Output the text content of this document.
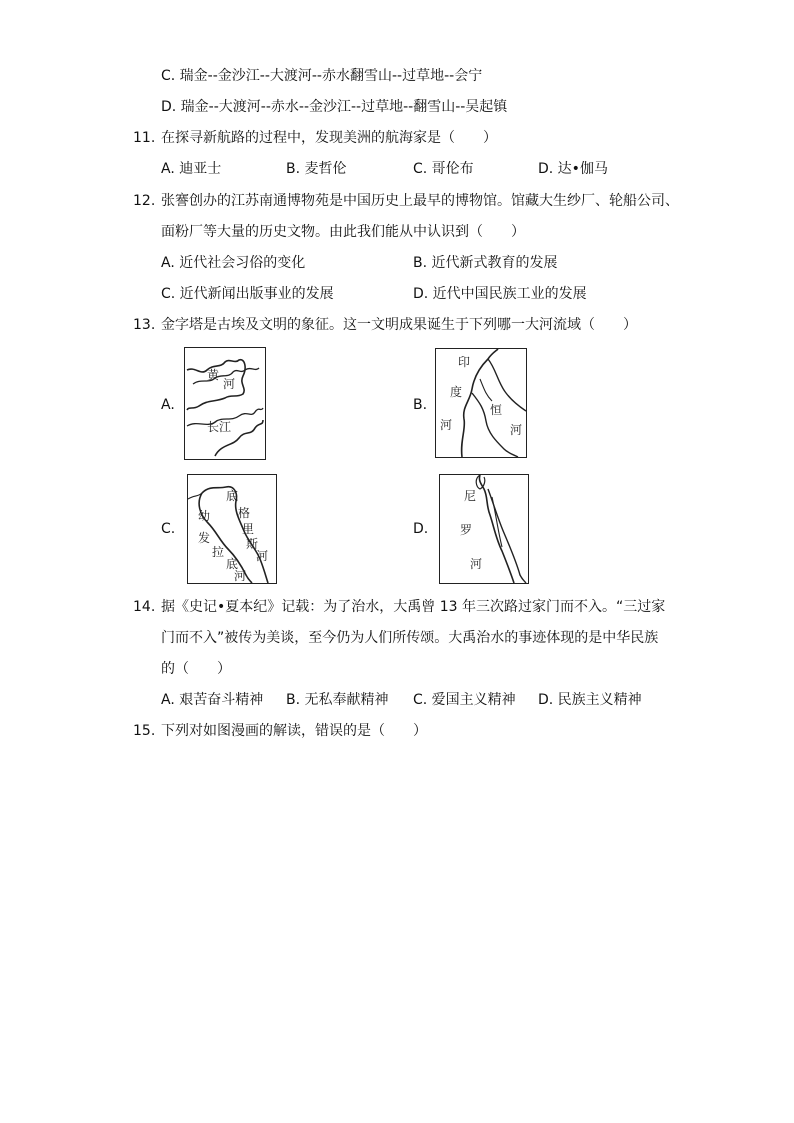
C. 瑞金--金沙江--大渡河--赤水翻雪山--过草地--会宁
D. 瑞金--大渡河--赤水--金沙江--过草地--翻雪山--吴起镇
11. 在探寻新航路的过程中，发现美洲的航海家是（　　）
A. 迪亚士	B. 麦哲伦	C. 哥伦布	D. 达•伽马
12. 张謇创办的江苏南通博物苑是中国历史上最早的博物馆。馆藏大生纱厂、轮船公司、
面粉厂等大量的历史文物。由此我们能从中认识到（　　）
A. 近代社会习俗的变化	B. 近代新式教育的发展
C. 近代新闻出版事业的发展	D. 近代中国民族工业的发展
13. 金字塔是古埃及文明的象征。这一文明成果诞生于下列哪一大河流域（　　）
A.
黄
河
长江
B.
印
度
河
恒
河
C.
底
格
里
斯
河
幼
发
拉
底
河
D.
尼
罗
河
14. 据《史记•夏本纪》记载：为了治水，大禹曾 13 年三次路过家门而不入。“三过家
门而不入”被传为美谈，至今仍为人们所传颂。大禹治水的事迹体现的是中华民族
的（　　）
A. 艰苦奋斗精神 B. 无私奉献精神 C. 爱国主义精神 D. 民族主义精神
15. 下列对如图漫画的解读，错误的是（　　）
